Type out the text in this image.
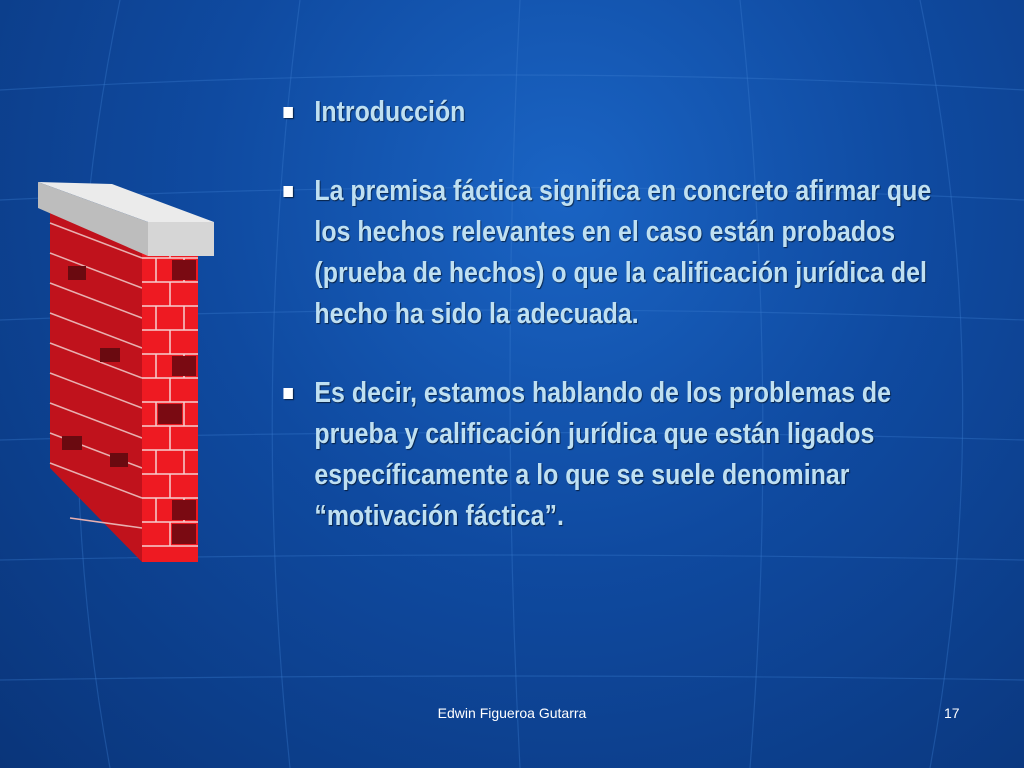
Introducción
La premisa fáctica significa en concreto afirmar que los hechos relevantes en el caso están probados (prueba de hechos) o que la calificación jurídica del hecho ha sido la adecuada.
Es decir, estamos hablando de los problemas de prueba y calificación jurídica que están ligados específicamente a lo que se suele denominar “motivación fáctica”.
Edwin Figueroa Gutarra	17
